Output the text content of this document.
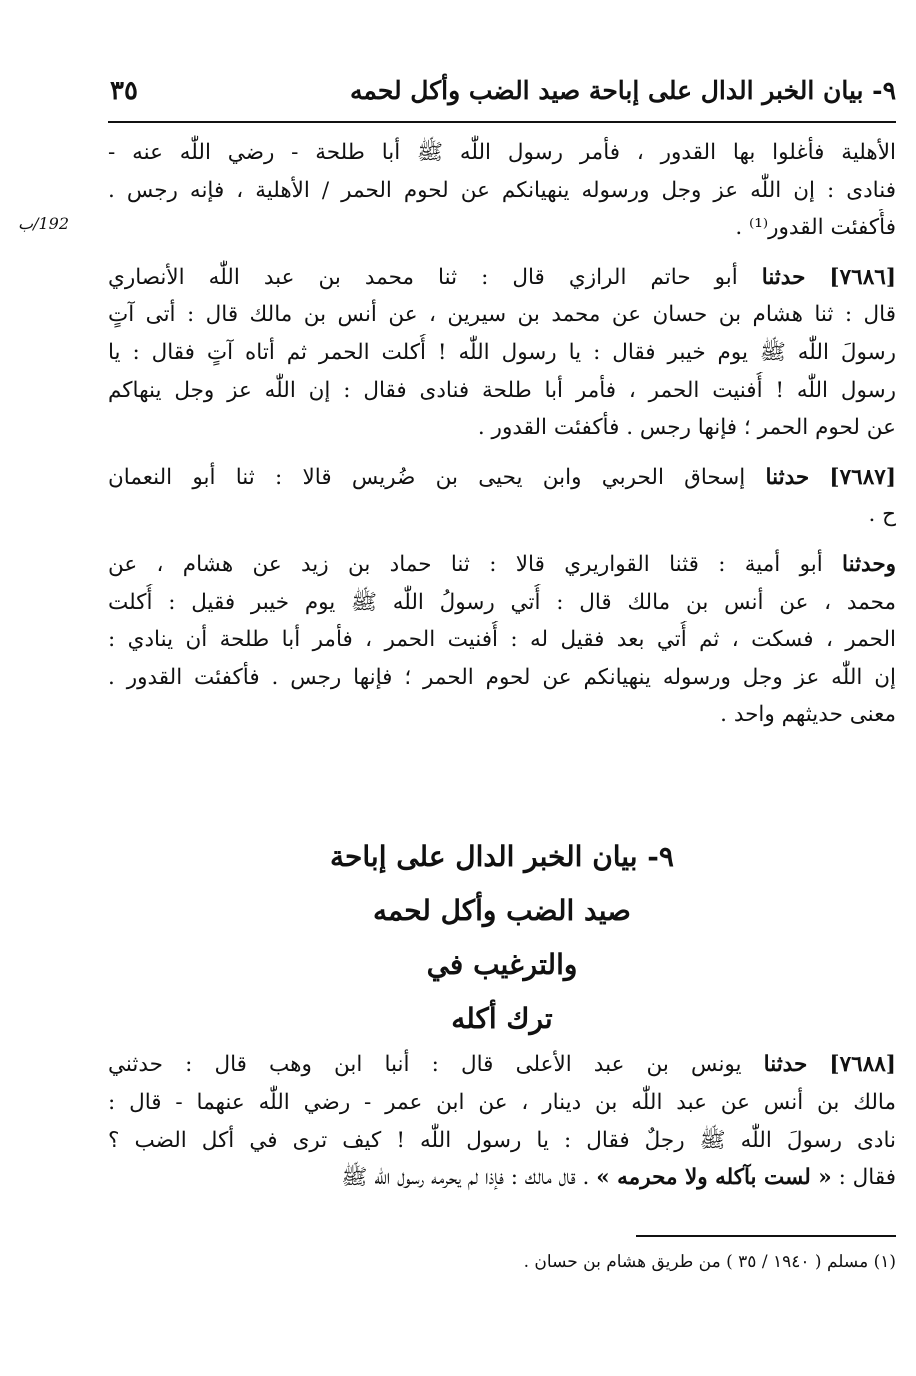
٩- بيان الخبر الدال على إباحة صيد الضب وأكل لحمه
٣٥
192/ب

الأهلية فأغلوا بها القدور ، فأمر رسول اللّٰه ﷺ أبا طلحة - رضي اللّٰه عنه -
فنادى : إن اللّٰه عز وجل ورسوله ينهيانكم عن لحوم الحمر / الأهلية ، فإنه رجس .
فأُكفئت القدور⁽¹⁾ .

[٧٦٨٦] حدثنا أبو حاتم الرازي قال : ثنا محمد بن عبد اللّٰه الأنصاري
قال : ثنا هشام بن حسان عن محمد بن سيرين ، عن أنس بن مالك قال : أتى آتٍ
رسولَ اللّٰه ﷺ يوم خيبر فقال : يا رسول اللّٰه ! أُكلت الحمر ثم أتاه آتٍ فقال : يا
رسول اللّٰه ! أُفنيت الحمر ، فأمر أبا طلحة فنادى فقال : إن اللّٰه عز وجل ينهاكم
عن لحوم الحمر ؛ فإنها رجس . فأكفئت القدور .

[٧٦٨٧] حدثنا إسحاق الحربي وابن يحيى بن ضُريس قالا : ثنا أبو النعمان
ح .

وحدثنا أبو أمية : قثنا القواريري قالا : ثنا حماد بن زيد عن هشام ، عن
محمد ، عن أنس بن مالك قال : أُتي رسولُ اللّٰه ﷺ يوم خيبر فقيل : أُكلت
الحمر ، فسكت ، ثم أُتي بعد فقيل له : أُفنيت الحمر ، فأمر أبا طلحة أن ينادي :
إن اللّٰه عز وجل ورسوله ينهيانكم عن لحوم الحمر ؛ فإنها رجس . فأكفئت القدور .
معنى حديثهم واحد .

٩- بيان الخبر الدال على إباحة
صيد الضب وأكل لحمه
والترغيب في
ترك أكله
[٧٦٨٨] حدثنا يونس بن عبد الأعلى قال : أنبا ابن وهب قال : حدثني
مالك بن أنس عن عبد اللّٰه بن دينار ، عن ابن عمر - رضي اللّٰه عنهما - قال :
نادى رسولَ اللّٰه ﷺ رجلٌ فقال : يا رسول اللّٰه ! كيف ترى في أكل الضب ؟
فقال : « لست بآكله ولا محرمه » . قال مالك : فإذا لم يحرمه رسول اللّٰه ﷺ
(١) مسلم ( ١٩٤٠ / ٣٥ ) من طريق هشام بن حسان .
